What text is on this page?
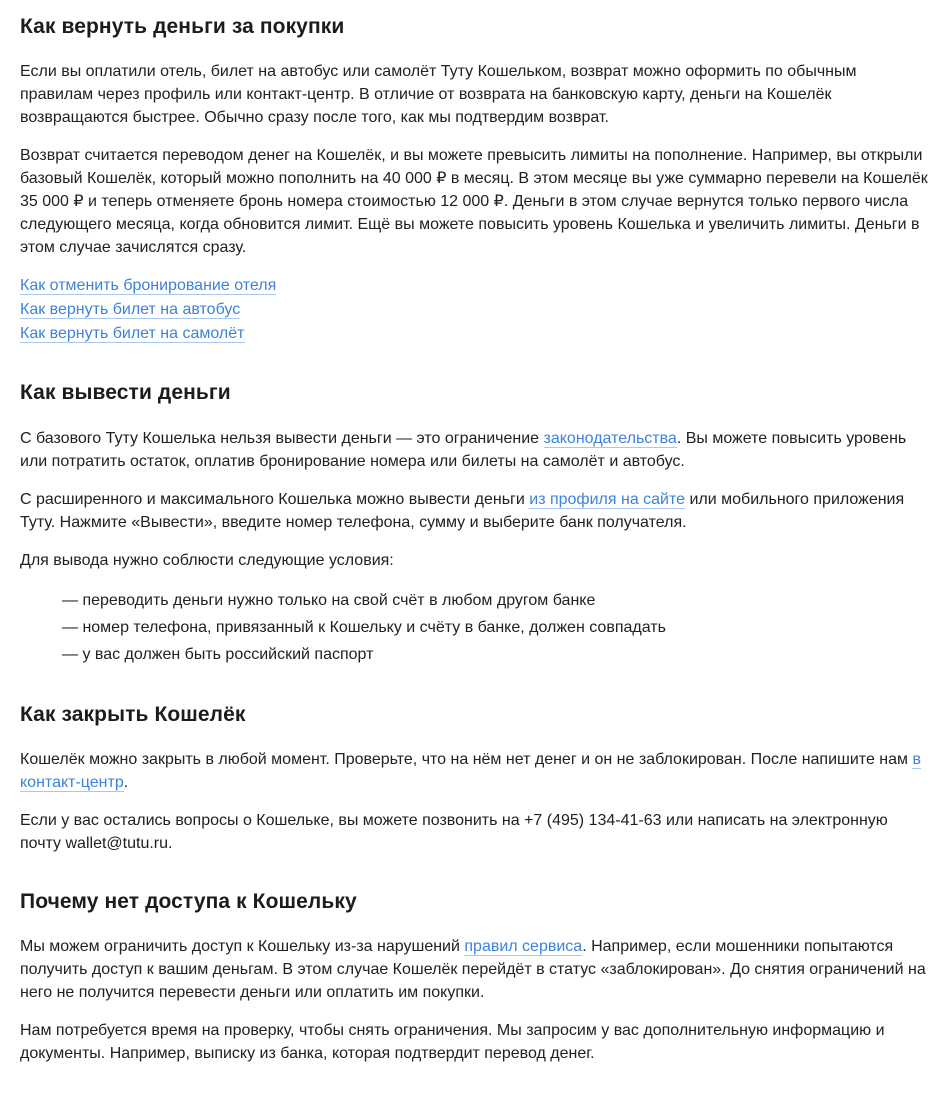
Как вернуть деньги за покупки

Если вы оплатили отель, билет на автобус или самолёт Туту Кошельком, возврат можно оформить по обычным правилам через профиль или контакт-центр. В отличие от возврата на банковскую карту, деньги на Кошелёк возвращаются быстрее. Обычно сразу после того, как мы подтвердим возврат.

Возврат считается переводом денег на Кошелёк, и вы можете превысить лимиты на пополнение. Например, вы открыли базовый Кошелёк, который можно пополнить на 40 000 ₽ в месяц. В этом месяце вы уже суммарно перевели на Кошелёк 35 000 ₽ и теперь отменяете бронь номера стоимостью 12 000 ₽. Деньги в этом случае вернутся только первого числа следующего месяца, когда обновится лимит. Ещё вы можете повысить уровень Кошелька и увеличить лимиты. Деньги в этом случае зачислятся сразу.

Как отменить бронирование отеля
Как вернуть билет на автобус
Как вернуть билет на самолёт
Как вывести деньги

С базового Туту Кошелька нельзя вывести деньги — это ограничение законодательства. Вы можете повысить уровень или потратить остаток, оплатив бронирование номера или билеты на самолёт и автобус.

С расширенного и максимального Кошелька можно вывести деньги из профиля на сайте или мобильного приложения Туту. Нажмите «Вывести», введите номер телефона, сумму и выберите банк получателя.

Для вывода нужно соблюсти следующие условия:

— переводить деньги нужно только на свой счёт в любом другом банке
— номер телефона, привязанный к Кошельку и счёту в банке, должен совпадать
— у вас должен быть российский паспорт
Как закрыть Кошелёк

Кошелёк можно закрыть в любой момент. Проверьте, что на нём нет денег и он не заблокирован. После напишите нам в контакт-центр.

Если у вас остались вопросы о Кошельке, вы можете позвонить на +7 (495) 134-41-63 или написать на электронную почту wallet@tutu.ru.

Почему нет доступа к Кошельку

Мы можем ограничить доступ к Кошельку из-за нарушений правил сервиса. Например, если мошенники попытаются получить доступ к вашим деньгам. В этом случае Кошелёк перейдёт в статус «заблокирован». До снятия ограничений на него не получится перевести деньги или оплатить им покупки.

Нам потребуется время на проверку, чтобы снять ограничения. Мы запросим у вас дополнительную информацию и документы. Например, выписку из банка, которая подтвердит перевод денег.
